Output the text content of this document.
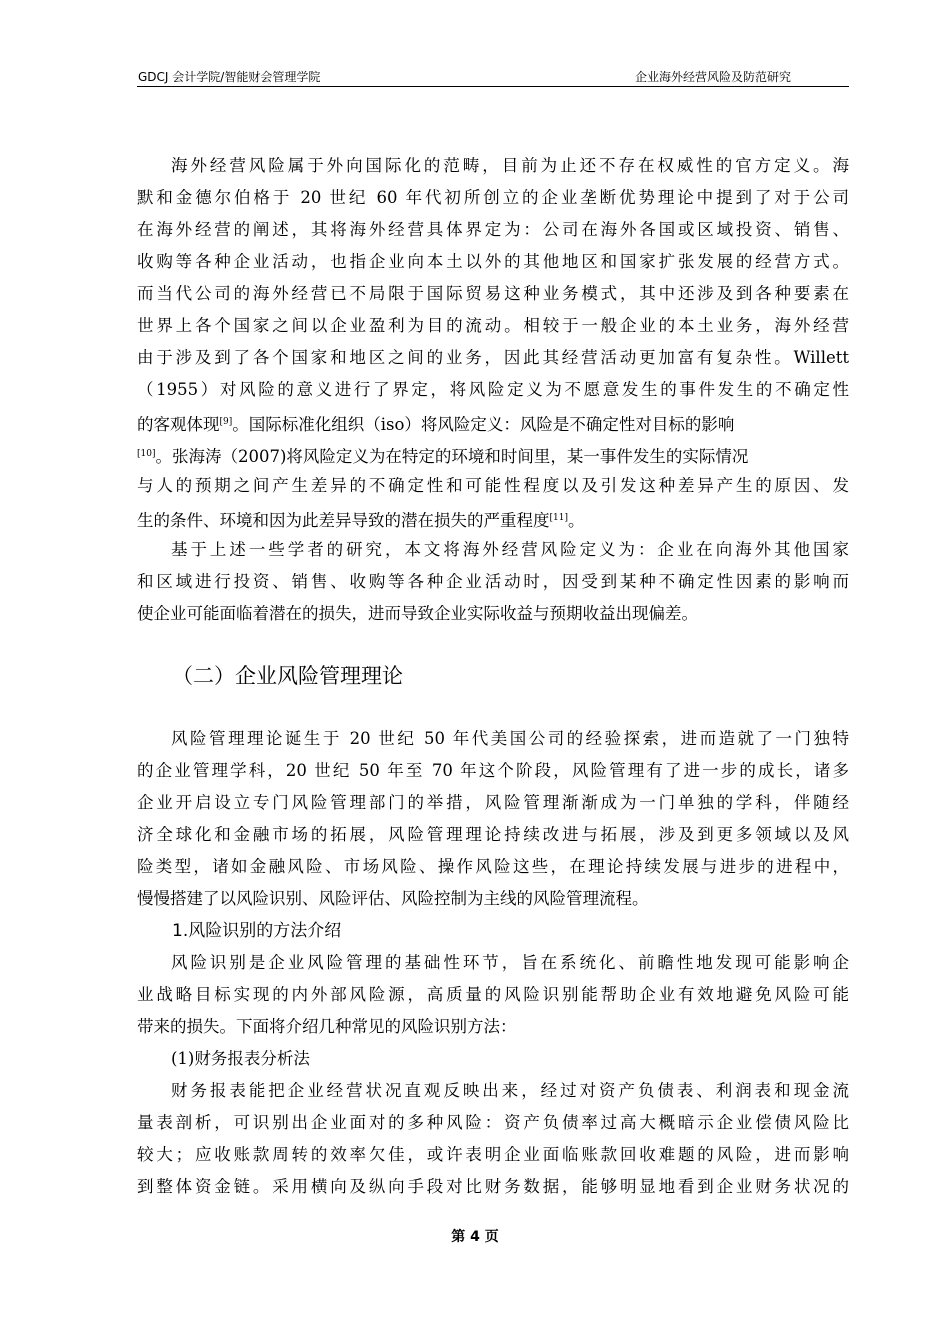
GDCJ 会计学院/智能财会管理学院	企业海外经营风险及防范研究
海外经营风险属于外向国际化的范畴，目前为止还不存在权威性的官方定义。海
默和金德尔伯格于 20 世纪 60 年代初所创立的企业垄断优势理论中提到了对于公司
在海外经营的阐述，其将海外经营具体界定为：公司在海外各国或区域投资、销售、
收购等各种企业活动，也指企业向本土以外的其他地区和国家扩张发展的经营方式。
而当代公司的海外经营已不局限于国际贸易这种业务模式，其中还涉及到各种要素在
世界上各个国家之间以企业盈利为目的流动。相较于一般企业的本土业务，海外经营
由于涉及到了各个国家和地区之间的业务，因此其经营活动更加富有复杂性。Willett
（1955）对风险的意义进行了界定，将风险定义为不愿意发生的事件发生的不确定性
的客观体现[9]。国际标准化组织（iso）将风险定义：风险是不确定性对目标的影响
[10]。张海涛（2007)将风险定义为在特定的环境和时间里，某一事件发生的实际情况
与人的预期之间产生差异的不确定性和可能性程度以及引发这种差异产生的原因、发
生的条件、环境和因为此差异导致的潜在损失的严重程度[11]。
基于上述一些学者的研究，本文将海外经营风险定义为：企业在向海外其他国家
和区域进行投资、销售、收购等各种企业活动时，因受到某种不确定性因素的影响而
使企业可能面临着潜在的损失，进而导致企业实际收益与预期收益出现偏差。
（二）企业风险管理理论
风险管理理论诞生于 20 世纪 50 年代美国公司的经验探索，进而造就了一门独特
的企业管理学科，20 世纪 50 年至 70 年这个阶段，风险管理有了进一步的成长，诸多
企业开启设立专门风险管理部门的举措，风险管理渐渐成为一门单独的学科，伴随经
济全球化和金融市场的拓展，风险管理理论持续改进与拓展，涉及到更多领域以及风
险类型，诸如金融风险、市场风险、操作风险这些，在理论持续发展与进步的进程中，
慢慢搭建了以风险识别、风险评估、风险控制为主线的风险管理流程。
1.风险识别的方法介绍
风险识别是企业风险管理的基础性环节，旨在系统化、前瞻性地发现可能影响企
业战略目标实现的内外部风险源，高质量的风险识别能帮助企业有效地避免风险可能
带来的损失。下面将介绍几种常见的风险识别方法：
(1)财务报表分析法
财务报表能把企业经营状况直观反映出来，经过对资产负债表、利润表和现金流
量表剖析，可识别出企业面对的多种风险：资产负债率过高大概暗示企业偿债风险比
较大；应收账款周转的效率欠佳，或许表明企业面临账款回收难题的风险，进而影响
到整体资金链。采用横向及纵向手段对比财务数据，能够明显地看到企业财务状况的
第 4 页
